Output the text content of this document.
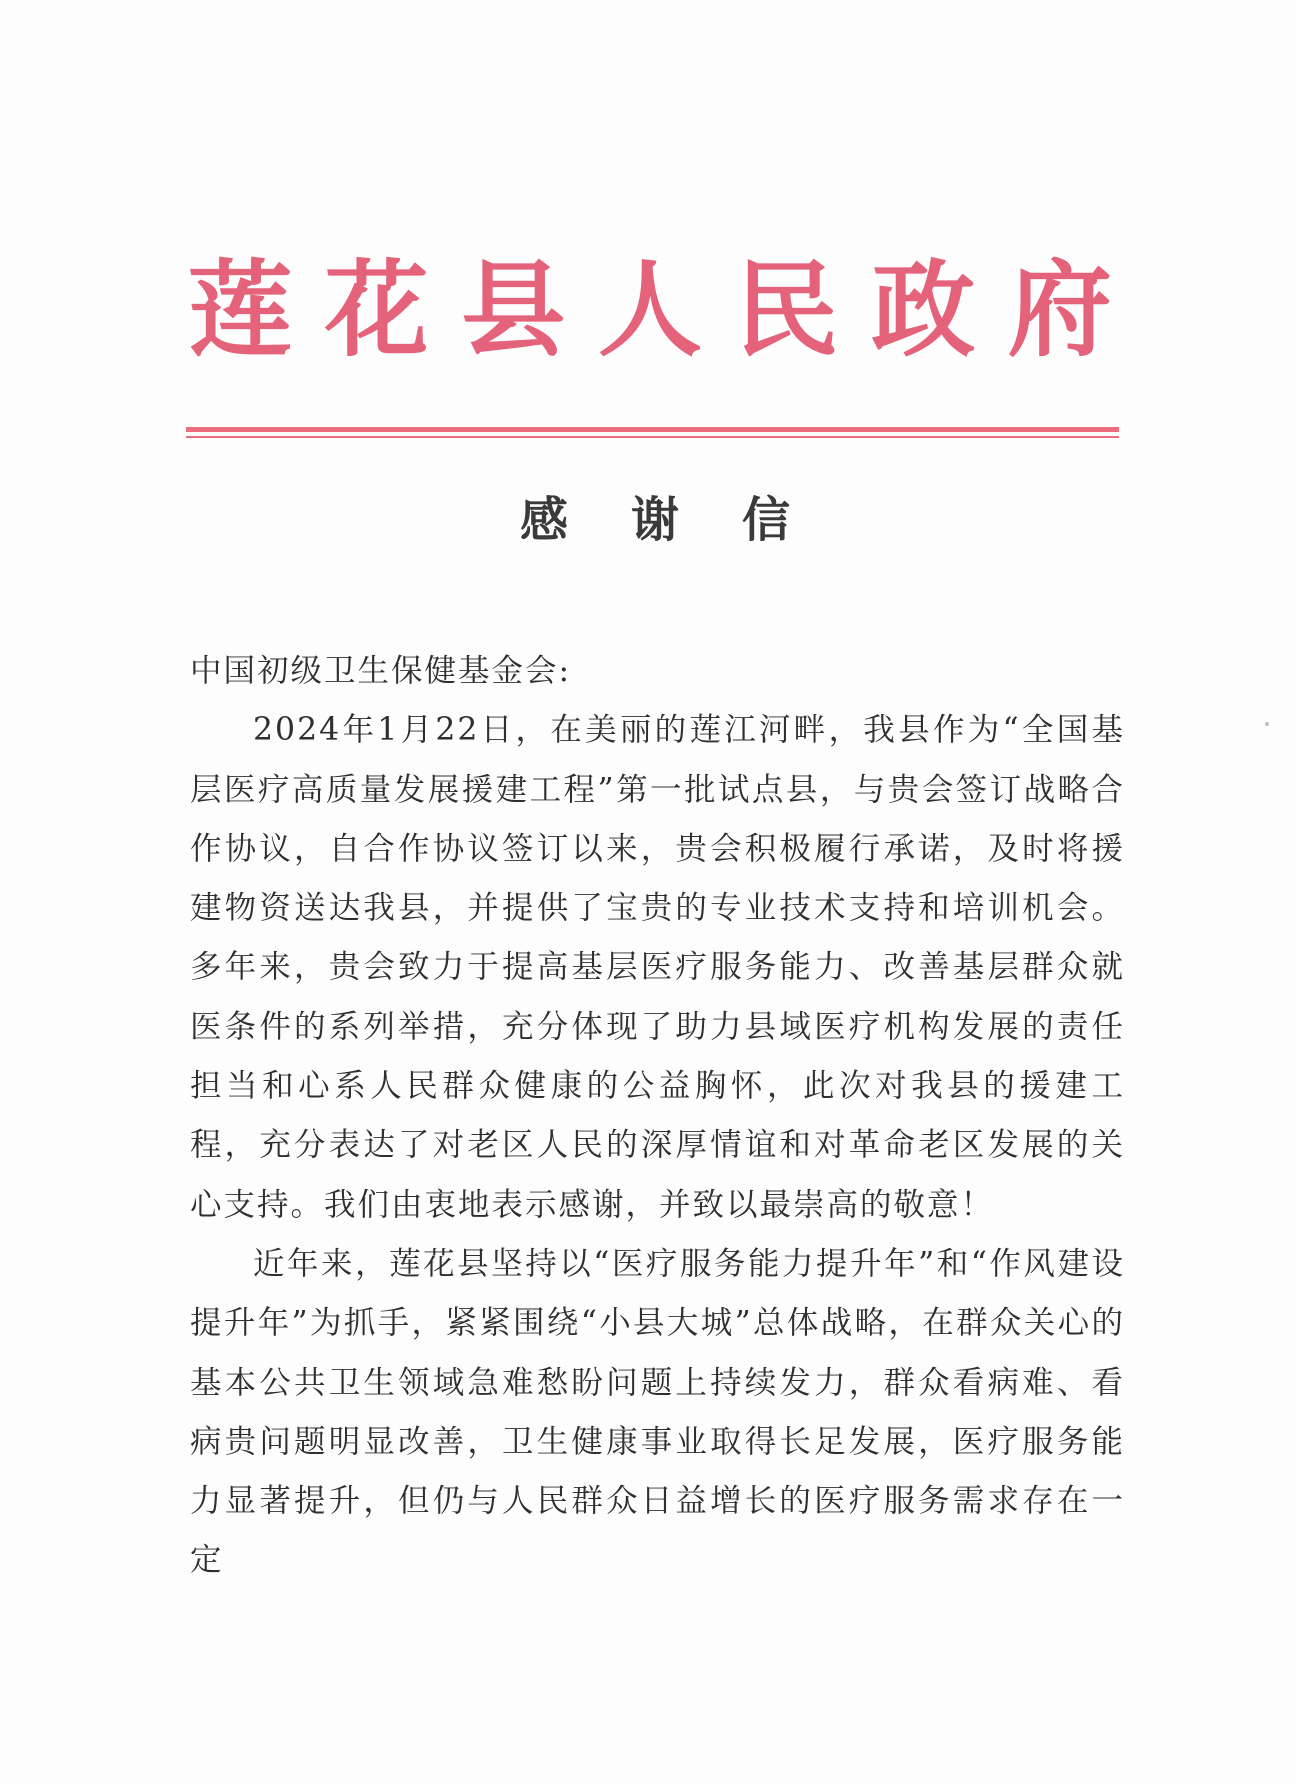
莲 花 县 人 民 政 府
感 谢 信

中国初级卫生保健基金会:

2024年1月22日，在美丽的莲江河畔，我县作为“全国基层医疗高质量发展援建工程”第一批试点县，与贵会签订战略合作协议，自合作协议签订以来，贵会积极履行承诺，及时将援建物资送达我县，并提供了宝贵的专业技术支持和培训机会。多年来，贵会致力于提高基层医疗服务能力、改善基层群众就医条件的系列举措，充分体现了助力县域医疗机构发展的责任担当和心系人民群众健康的公益胸怀，此次对我县的援建工程，充分表达了对老区人民的深厚情谊和对革命老区发展的关心支持。我们由衷地表示感谢，并致以最崇高的敬意！

近年来，莲花县坚持以“医疗服务能力提升年”和“作风建设提升年”为抓手，紧紧围绕“小县大城”总体战略，在群众关心的基本公共卫生领域急难愁盼问题上持续发力，群众看病难、看病贵问题明显改善，卫生健康事业取得长足发展，医疗服务能力显著提升，但仍与人民群众日益增长的医疗服务需求存在一定
